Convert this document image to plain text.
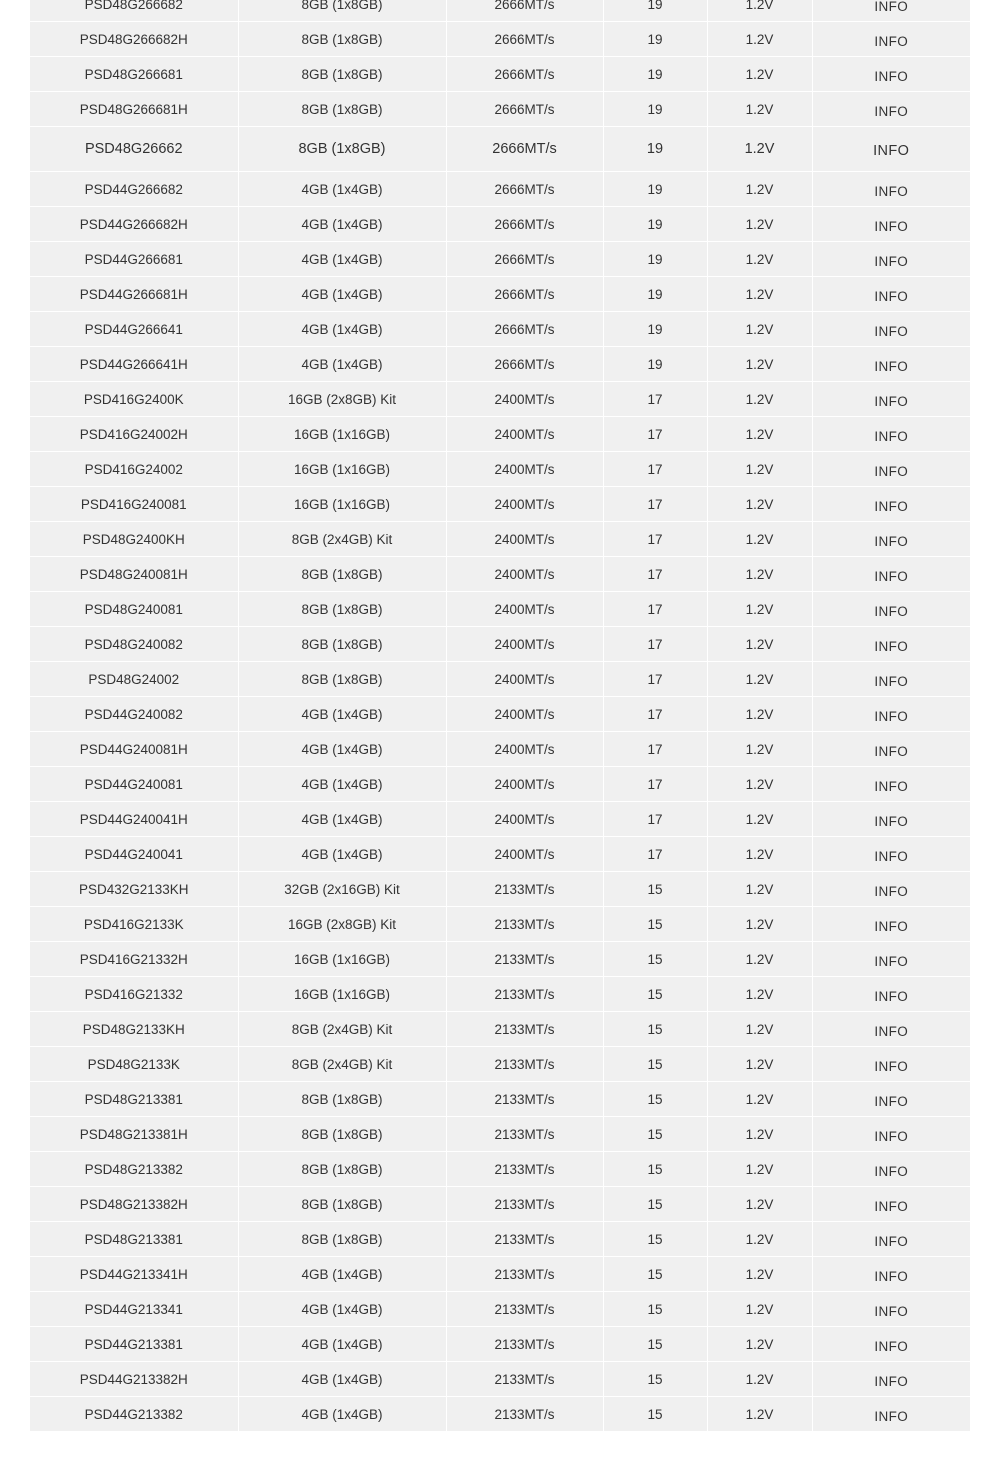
PSD48G266682	8GB (1x8GB)	2666MT/s	19	1.2V	INFO
PSD48G266682H	8GB (1x8GB)	2666MT/s	19	1.2V	INFO
PSD48G266681	8GB (1x8GB)	2666MT/s	19	1.2V	INFO
PSD48G266681H	8GB (1x8GB)	2666MT/s	19	1.2V	INFO
PSD48G26662	8GB (1x8GB)	2666MT/s	19	1.2V	INFO
PSD44G266682	4GB (1x4GB)	2666MT/s	19	1.2V	INFO
PSD44G266682H	4GB (1x4GB)	2666MT/s	19	1.2V	INFO
PSD44G266681	4GB (1x4GB)	2666MT/s	19	1.2V	INFO
PSD44G266681H	4GB (1x4GB)	2666MT/s	19	1.2V	INFO
PSD44G266641	4GB (1x4GB)	2666MT/s	19	1.2V	INFO
PSD44G266641H	4GB (1x4GB)	2666MT/s	19	1.2V	INFO
PSD416G2400K	16GB (2x8GB) Kit	2400MT/s	17	1.2V	INFO
PSD416G24002H	16GB (1x16GB)	2400MT/s	17	1.2V	INFO
PSD416G24002	16GB (1x16GB)	2400MT/s	17	1.2V	INFO
PSD416G240081	16GB (1x16GB)	2400MT/s	17	1.2V	INFO
PSD48G2400KH	8GB (2x4GB) Kit	2400MT/s	17	1.2V	INFO
PSD48G240081H	8GB (1x8GB)	2400MT/s	17	1.2V	INFO
PSD48G240081	8GB (1x8GB)	2400MT/s	17	1.2V	INFO
PSD48G240082	8GB (1x8GB)	2400MT/s	17	1.2V	INFO
PSD48G24002	8GB (1x8GB)	2400MT/s	17	1.2V	INFO
PSD44G240082	4GB (1x4GB)	2400MT/s	17	1.2V	INFO
PSD44G240081H	4GB (1x4GB)	2400MT/s	17	1.2V	INFO
PSD44G240081	4GB (1x4GB)	2400MT/s	17	1.2V	INFO
PSD44G240041H	4GB (1x4GB)	2400MT/s	17	1.2V	INFO
PSD44G240041	4GB (1x4GB)	2400MT/s	17	1.2V	INFO
PSD432G2133KH	32GB (2x16GB) Kit	2133MT/s	15	1.2V	INFO
PSD416G2133K	16GB (2x8GB) Kit	2133MT/s	15	1.2V	INFO
PSD416G21332H	16GB (1x16GB)	2133MT/s	15	1.2V	INFO
PSD416G21332	16GB (1x16GB)	2133MT/s	15	1.2V	INFO
PSD48G2133KH	8GB (2x4GB) Kit	2133MT/s	15	1.2V	INFO
PSD48G2133K	8GB (2x4GB) Kit	2133MT/s	15	1.2V	INFO
PSD48G213381	8GB (1x8GB)	2133MT/s	15	1.2V	INFO
PSD48G213381H	8GB (1x8GB)	2133MT/s	15	1.2V	INFO
PSD48G213382	8GB (1x8GB)	2133MT/s	15	1.2V	INFO
PSD48G213382H	8GB (1x8GB)	2133MT/s	15	1.2V	INFO
PSD48G213381	8GB (1x8GB)	2133MT/s	15	1.2V	INFO
PSD44G213341H	4GB (1x4GB)	2133MT/s	15	1.2V	INFO
PSD44G213341	4GB (1x4GB)	2133MT/s	15	1.2V	INFO
PSD44G213381	4GB (1x4GB)	2133MT/s	15	1.2V	INFO
PSD44G213382H	4GB (1x4GB)	2133MT/s	15	1.2V	INFO
PSD44G213382	4GB (1x4GB)	2133MT/s	15	1.2V	INFO
